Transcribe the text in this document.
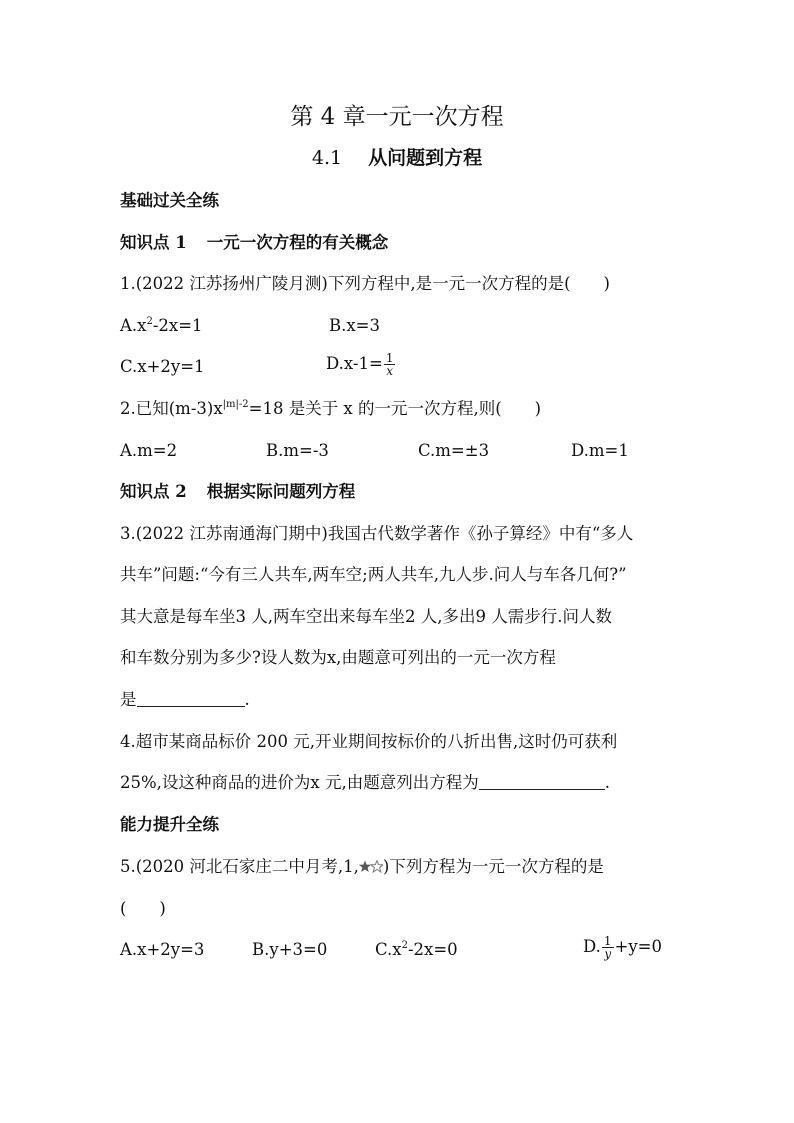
第 4 章一元一次方程
4.1 从问题到方程
基础过关全练
知识点 1 一元一次方程的有关概念
1.(2022 江苏扬州广陵月测)下列方程中,是一元一次方程的是(　　)
$A.x^2-2x=1$	B.x=3
C.x+2y=1	$D.x-1= \frac{1}{x}$
2.已知$(m-3)x^{|m|-2}=18$ 是关于 x 的一元一次方程,则(　　)
A.m=2	B.m=-3	C.m=±3	D.m=1
知识点 2 根据实际问题列方程
3.(2022 江苏南通海门期中)我国古代数学著作《孙子算经》中有“多人
共车”问题:“今有三人共车,两车空;两人共车,九人步.问人与车各几何?”
其大意是每车坐3 人,两车空出来每车坐2 人,多出9 人需步行.问人数
和车数分别为多少?设人数为x,由题意可列出的一元一次方程
是	.
4.超市某商品标价 200 元,开业期间按标价的八折出售,这时仍可获利
25%,设这种商品的进价为x 元,由题意列出方程为	.
能力提升全练
5.(2020 河北石家庄二中月考,1, )下列方程为一元一次方程的是
(　　)
A.x+2y=3	B.y+3=0	$C.x^2-2x=0$	D. $\frac{1}{y} +y=0$
